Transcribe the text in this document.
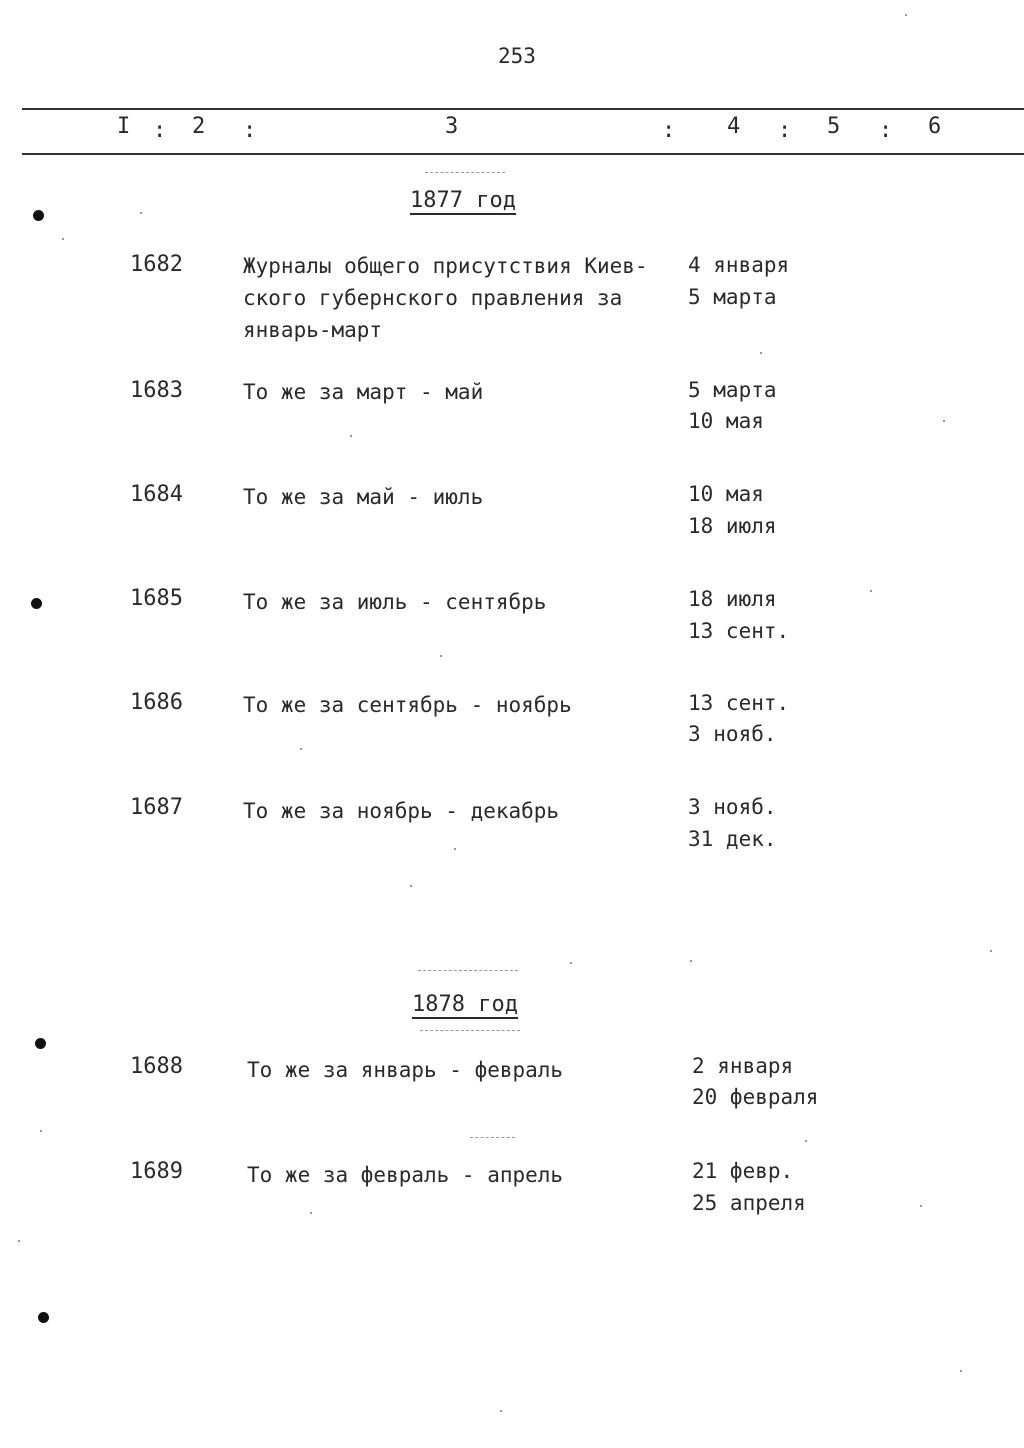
253
I : 2 :	3	: 4 : 5 : 6
1877 год
1682	Журналы общего присутствия Киев-
ского губернского правления за
январь-март
4 января
5 марта
1683	То же за март - май	5 марта
10 мая
1684	То же за май - июль	10 мая
18 июля
1685	То же за июль - сентябрь	18 июля
13 сент.
1686	То же за сентябрь - ноябрь	13 сент.
3 нояб.
1687	То же за ноябрь - декабрь	3 нояб.
31 дек.
1878 год
1688	То же за январь - февраль	2 января
20 февраля
1689	То же за февраль - апрель	21 февр.
25 апреля
